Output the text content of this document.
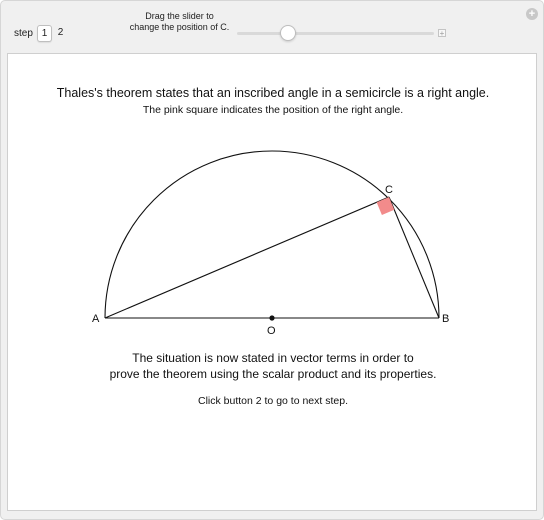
+
step 1	2
Drag the slider to
change the position of C.
+
Thales's theorem states that an inscribed angle in a semicircle is a right angle.
The pink square indicates the position of the right angle.
A	B
C
O
The situation is now stated in vector terms in order to
prove the theorem using the scalar product and its properties.
Click button 2 to go to next step.
